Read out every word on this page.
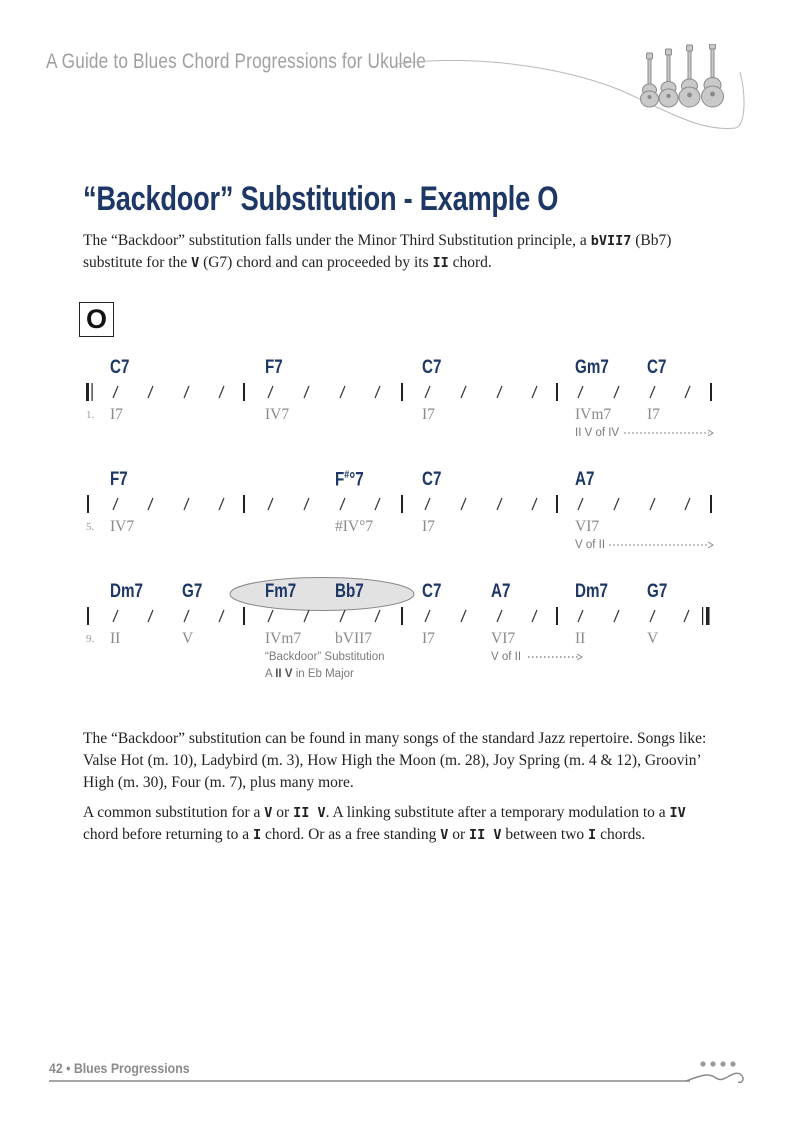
A Guide to Blues Chord Progressions for Ukulele
“Backdoor” Substitution - Example O

The “Backdoor” substitution falls under the Minor Third Substitution principle, a bVII7 (Bb7) substitute for the V (G7) chord and can proceeded by its II chord.

O
C7	F7	C7	Gm7 C7
1. I7	IV7	I7	IVm7 I7
II V of IV
F7	F#°7	C7	A7
5. IV7	#IV°7	I7	VI7
V of II
Dm7 G7	Fm7 Bb7	C7	A7	Dm7 G7
9. II	V	IVm7 bVII7	I7	VI7	II	V
“Backdoor” Substitution
A II V in Eb Major
V of II

The “Backdoor” substitution can be found in many songs of the standard Jazz repertoire. Songs like: Valse Hot (m. 10), Ladybird (m. 3), How High the Moon (m. 28), Joy Spring (m. 4 & 12), Groovin’ High (m. 30), Four (m. 7), plus many more.

A common substitution for a V or II V. A linking substitute after a temporary modulation to a IV chord before returning to a I chord. Or as a free standing V or II V between two I chords.

42 • Blues Progressions
